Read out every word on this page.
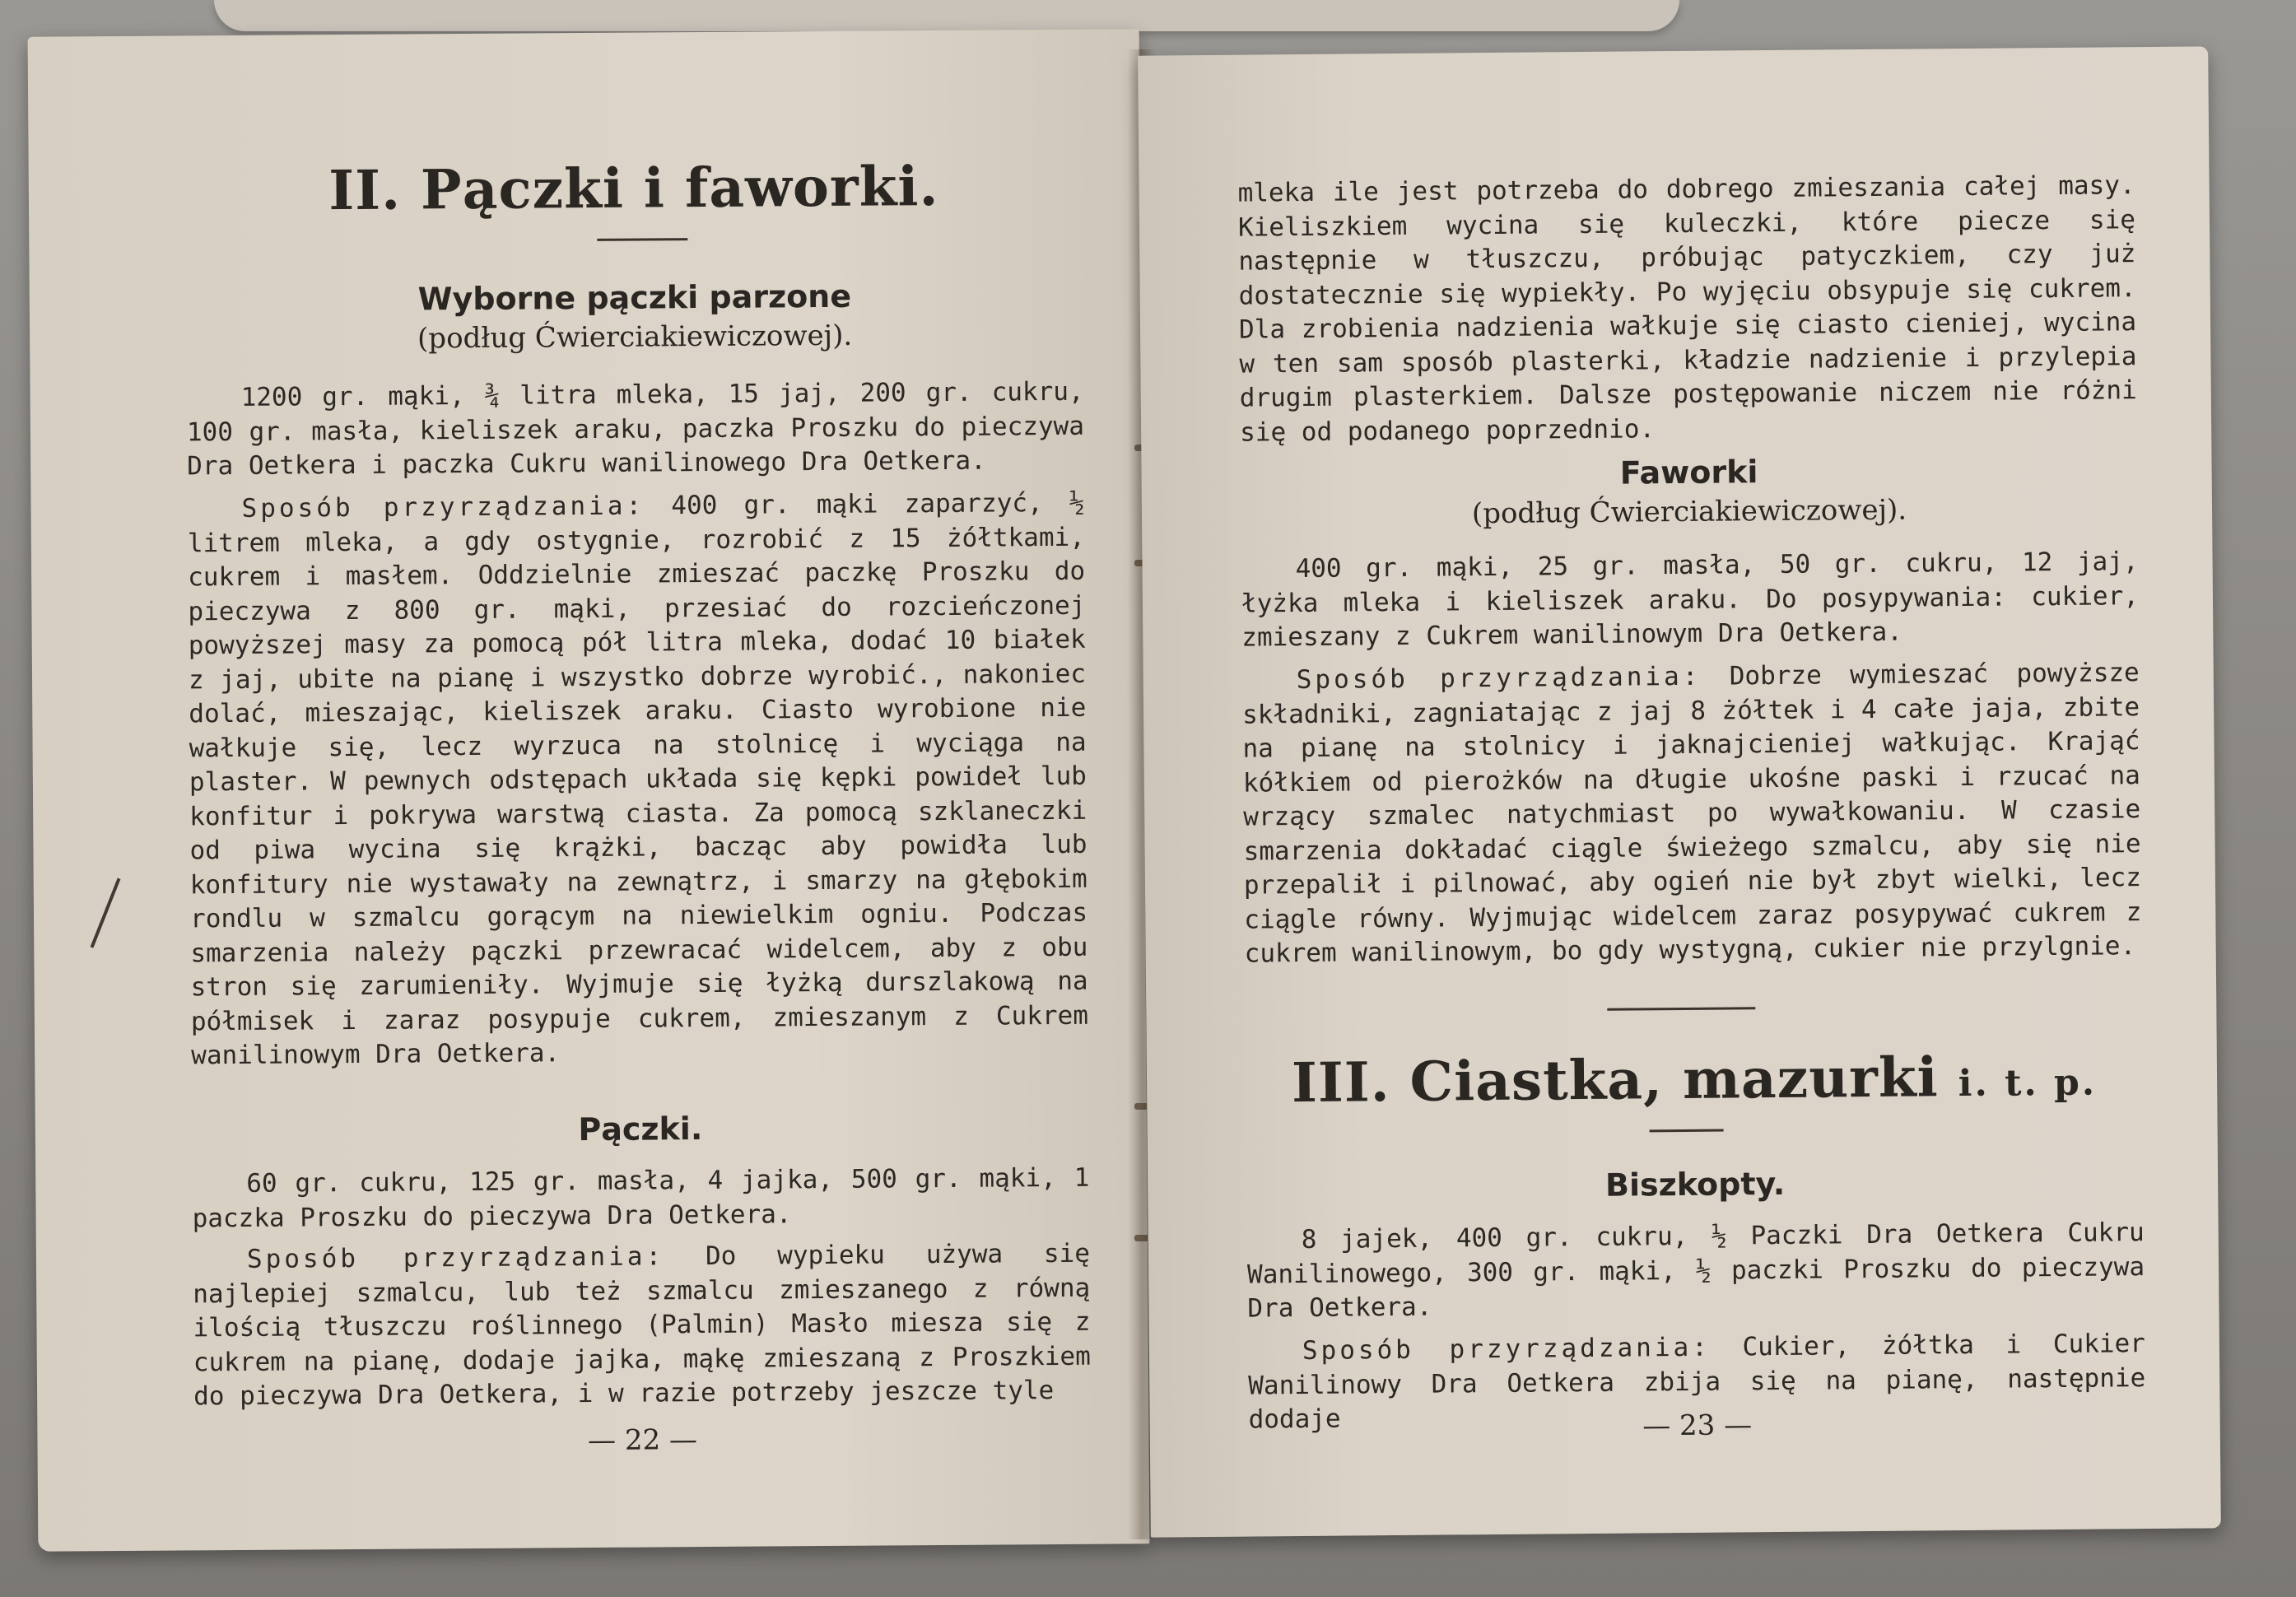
II. Pączki i faworki.
Wyborne pączki parzone

(podług Ćwierciakiewiczowej).

1200 gr. mąki, ¾ litra mleka, 15 jaj, 200 gr. cukru, 100 gr. masła, kieliszek araku, paczka Proszku do pieczywa Dra Oetkera i paczka Cukru wanilinowego Dra Oetkera.

Sposób przyrządzania: 400 gr. mąki zaparzyć, ½ litrem mleka, a gdy ostygnie, rozrobić z 15 żółtkami, cukrem i masłem. Oddzielnie zmieszać paczkę Proszku do pieczywa z 800 gr. mąki, przesiać do rozcieńczonej powyższej masy za pomocą pół litra mleka, dodać 10 białek z jaj, ubite na pianę i wszystko dobrze wyrobić., nakoniec dolać, mieszając, kieliszek araku. Ciasto wyrobione nie wałkuje się, lecz wyrzuca na stolnicę i wyciąga na plaster. W pewnych odstępach układa się kępki powideł lub konfitur i pokrywa warstwą ciasta. Za pomocą szklaneczki od piwa wycina się krążki, bacząc aby powidła lub konfitury nie wystawały na zewnątrz, i smarzy na głębokim rondlu w szmalcu gorącym na niewielkim ogniu. Podczas smarzenia należy pączki przewracać widelcem, aby z obu stron się zarumieniły. Wyjmuje się łyżką durszlakową na półmisek i zaraz posypuje cukrem, zmieszanym z Cukrem wanilinowym Dra Oetkera.

Pączki.

60 gr. cukru, 125 gr. masła, 4 jajka, 500 gr. mąki, 1 paczka Proszku do pieczywa Dra Oetkera.

Sposób przyrządzania: Do wypieku używa się najlepiej szmalcu, lub też szmalcu zmieszanego z równą ilością tłuszczu roślinnego (Palmin) Masło miesza się z cukrem na pianę, dodaje jajka, mąkę zmieszaną z Proszkiem do pieczywa Dra Oetkera, i w razie potrzeby jeszcze tyle

— 22 —

mleka ile jest potrzeba do dobrego zmieszania całej masy. Kieliszkiem wycina się kuleczki, które piecze się następnie w tłuszczu, próbując patyczkiem, czy już dostatecznie się wypiekły. Po wyjęciu obsypuje się cukrem. Dla zrobienia nadzienia wałkuje się ciasto cieniej, wycina w ten sam sposób plasterki, kładzie nadzienie i przylepia drugim plasterkiem. Dalsze postępowanie niczem nie różni się od podanego poprzednio.

Faworki

(podług Ćwierciakiewiczowej).

400 gr. mąki, 25 gr. masła, 50 gr. cukru, 12 jaj, łyżka mleka i kieliszek araku. Do posypywania: cukier, zmieszany z Cukrem wanilinowym Dra Oetkera.

Sposób przyrządzania: Dobrze wymieszać powyższe składniki, zagniatając z jaj 8 żółtek i 4 całe jaja, zbite na pianę na stolnicy i jaknajcieniej wałkując. Krająć kółkiem od pierożków na długie ukośne paski i rzucać na wrzący szmalec natychmiast po wywałkowaniu. W czasie smarzenia dokładać ciągle świeżego szmalcu, aby się nie przepalił i pilnować, aby ogień nie był zbyt wielki, lecz ciągle równy. Wyjmując widelcem zaraz posypywać cukrem z cukrem wanilinowym, bo gdy wystygną, cukier nie przylgnie.

III. Ciastka, mazurki i. t. p.
Biszkopty.

8 jajek, 400 gr. cukru, ½ Paczki Dra Oetkera Cukru Wanilinowego, 300 gr. mąki, ½ paczki Proszku do pieczywa Dra Oetkera.

Sposób przyrządzania: Cukier, żółtka i Cukier Wanilinowy Dra Oetkera zbija się na pianę, następnie dodaje	— 23 —
